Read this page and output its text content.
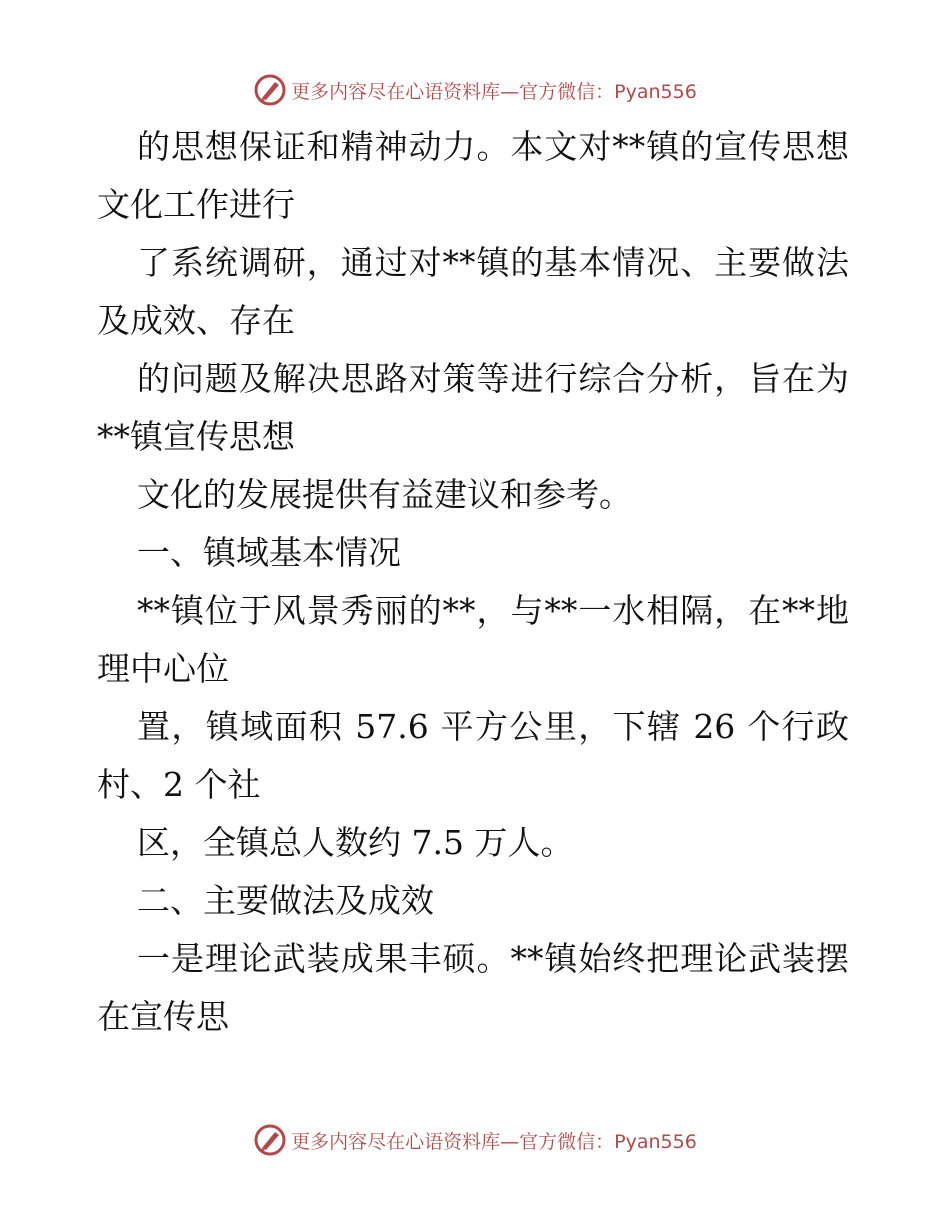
更多内容尽在心语资料库—官方微信：Pyan556
的思想保证和精神动力。本文对**镇的宣传思想
文化工作进行
了系统调研，通过对**镇的基本情况、主要做法
及成效、存在
的问题及解决思路对策等进行综合分析，旨在为
**镇宣传思想
文化的发展提供有益建议和参考。
一、镇域基本情况
**镇位于风景秀丽的**，与**一水相隔，在**地
理中心位
置，镇域面积 57.6 平方公里，下辖 26 个行政
村、2 个社
区，全镇总人数约 7.5 万人。
二、主要做法及成效
一是理论武装成果丰硕。**镇始终把理论武装摆
在宣传思
更多内容尽在心语资料库—官方微信：Pyan556
